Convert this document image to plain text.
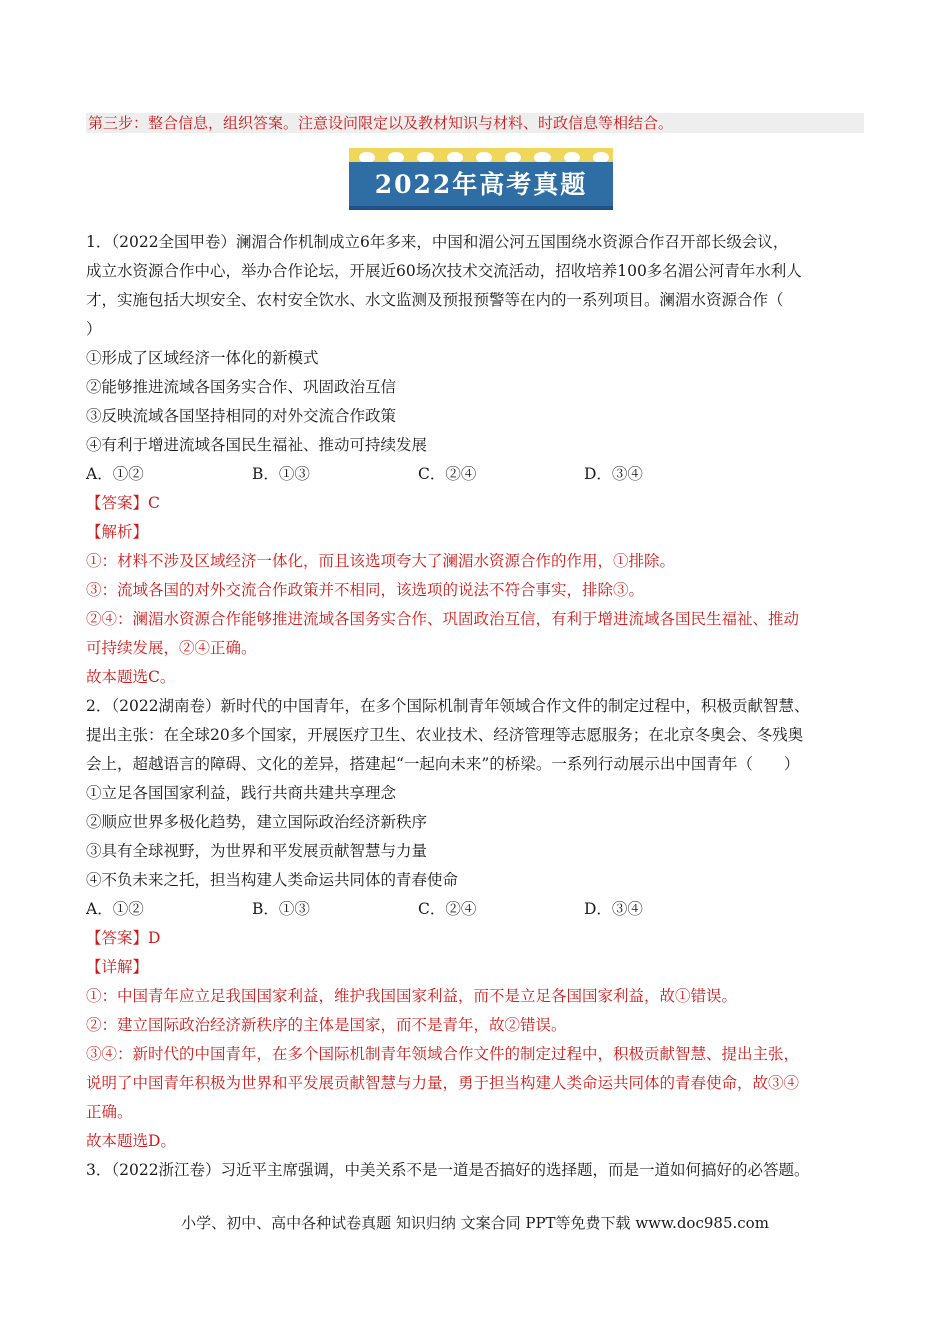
第三步：整合信息，组织答案。注意设问限定以及教材知识与材料、时政信息等相结合。
2022年高考真题
1．（2022全国甲卷）澜湄合作机制成立6年多来，中国和湄公河五国围绕水资源合作召开部长级会议，
成立水资源合作中心，举办合作论坛，开展近60场次技术交流活动，招收培养100多名湄公河青年水利人
才，实施包括大坝安全、农村安全饮水、水文监测及预报预警等在内的一系列项目。澜湄水资源合作（
）
①形成了区域经济一体化的新模式
②能够推进流域各国务实合作、巩固政治互信
③反映流域各国坚持相同的对外交流合作政策
④有利于增进流域各国民生福祉、推动可持续发展
A．①②	B．①③	C．②④	D．③④
【答案】C
【解析】
①：材料不涉及区域经济一体化，而且该选项夸大了澜湄水资源合作的作用，①排除。
③：流域各国的对外交流合作政策并不相同，该选项的说法不符合事实，排除③。
②④：澜湄水资源合作能够推进流域各国务实合作、巩固政治互信，有利于增进流域各国民生福祉、推动
可持续发展，②④正确。
故本题选C。
2．（2022湖南卷）新时代的中国青年，在多个国际机制青年领域合作文件的制定过程中，积极贡献智慧、
提出主张：在全球20多个国家，开展医疗卫生、农业技术、经济管理等志愿服务；在北京冬奥会、冬残奥
会上，超越语言的障碍、文化的差异，搭建起“一起向未来”的桥梁。一系列行动展示出中国青年（　　）
①立足各国国家利益，践行共商共建共享理念
②顺应世界多极化趋势，建立国际政治经济新秩序
③具有全球视野，为世界和平发展贡献智慧与力量
④不负未来之托，担当构建人类命运共同体的青春使命
A．①②	B．①③	C．②④	D．③④
【答案】D
【详解】
①：中国青年应立足我国国家利益，维护我国国家利益，而不是立足各国国家利益，故①错误。
②：建立国际政治经济新秩序的主体是国家，而不是青年，故②错误。
③④：新时代的中国青年，在多个国际机制青年领域合作文件的制定过程中，积极贡献智慧、提出主张，
说明了中国青年积极为世界和平发展贡献智慧与力量，勇于担当构建人类命运共同体的青春使命，故③④
正确。
故本题选D。
3．（2022浙江卷）习近平主席强调，中美关系不是一道是否搞好的选择题，而是一道如何搞好的必答题。
小学、初中、高中各种试卷真题 知识归纳 文案合同 PPT等免费下载 www.doc985.com
